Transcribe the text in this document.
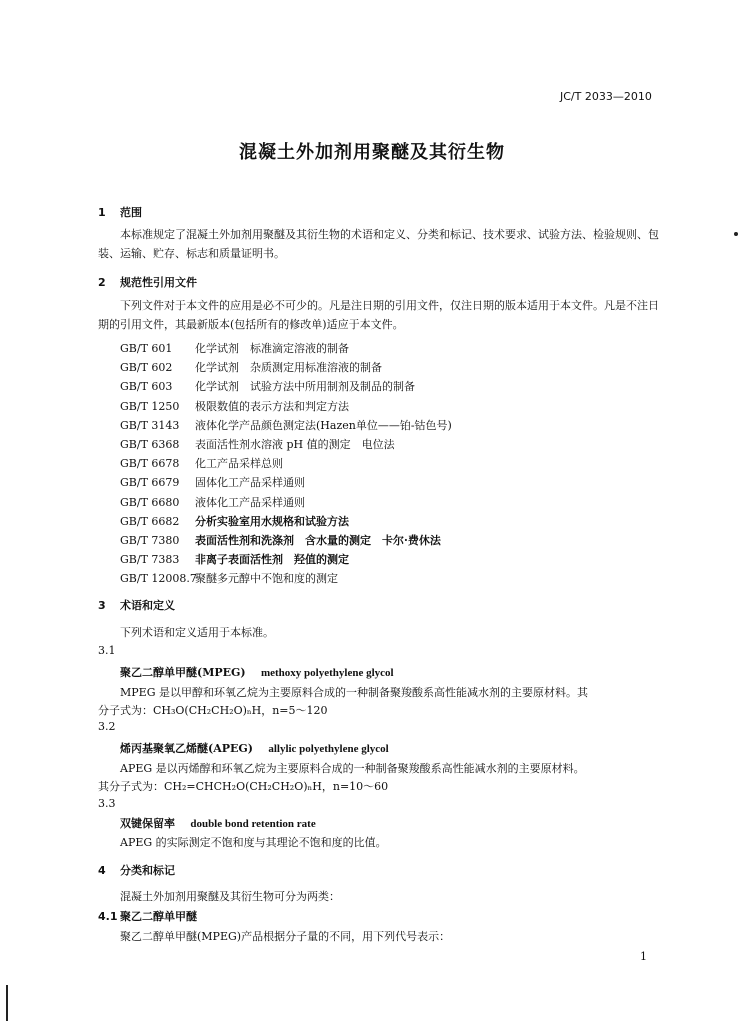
JC/T 2033—2010
混凝土外加剂用聚醚及其衍生物
1 范围
本标准规定了混凝土外加剂用聚醚及其衍生物的术语和定义、分类和标记、技术要求、试验方法、检验规则、包装、运输、贮存、标志和质量证明书。
2 规范性引用文件
下列文件对于本文件的应用是必不可少的。凡是注日期的引用文件，仅注日期的版本适用于本文件。凡是不注日期的引用文件，其最新版本(包括所有的修改单)适应于本文件。
GB/T 601 化学试剂　标准滴定溶液的制备
GB/T 602 化学试剂　杂质测定用标准溶液的制备
GB/T 603 化学试剂　试验方法中所用制剂及制品的制备
GB/T 1250 极限数值的表示方法和判定方法
GB/T 3143 液体化学产品颜色测定法(Hazen单位——铂-钴色号)
GB/T 6368 表面活性剂水溶液 pH 值的测定　电位法
GB/T 6678 化工产品采样总则
GB/T 6679 固体化工产品采样通则
GB/T 6680 液体化工产品采样通则
GB/T 6682 分析实验室用水规格和试验方法
GB/T 7380 表面活性剂和洗涤剂　含水量的测定　卡尔·费休法
GB/T 7383 非离子表面活性剂　羟值的测定
GB/T 12008.7聚醚多元醇中不饱和度的测定
3 术语和定义
下列术语和定义适用于本标准。
3.1
聚乙二醇单甲醚(MPEG) methoxy polyethylene glycol
MPEG 是以甲醇和环氧乙烷为主要原料合成的一种制备聚羧酸系高性能减水剂的主要原材料。其
分子式为：CH₃O(CH₂CH₂O)ₙH，n=5～120
3.2
烯丙基聚氧乙烯醚(APEG) allylic polyethylene glycol
APEG 是以丙烯醇和环氧乙烷为主要原料合成的一种制备聚羧酸系高性能减水剂的主要原材料。
其分子式为：CH₂=CHCH₂O(CH₂CH₂O)ₙH，n=10～60
3.3
双键保留率 double bond retention rate
APEG 的实际测定不饱和度与其理论不饱和度的比值。
4 分类和标记
混凝土外加剂用聚醚及其衍生物可分为两类：
4.1 聚乙二醇单甲醚
聚乙二醇单甲醚(MPEG)产品根据分子量的不同，用下列代号表示：
1
